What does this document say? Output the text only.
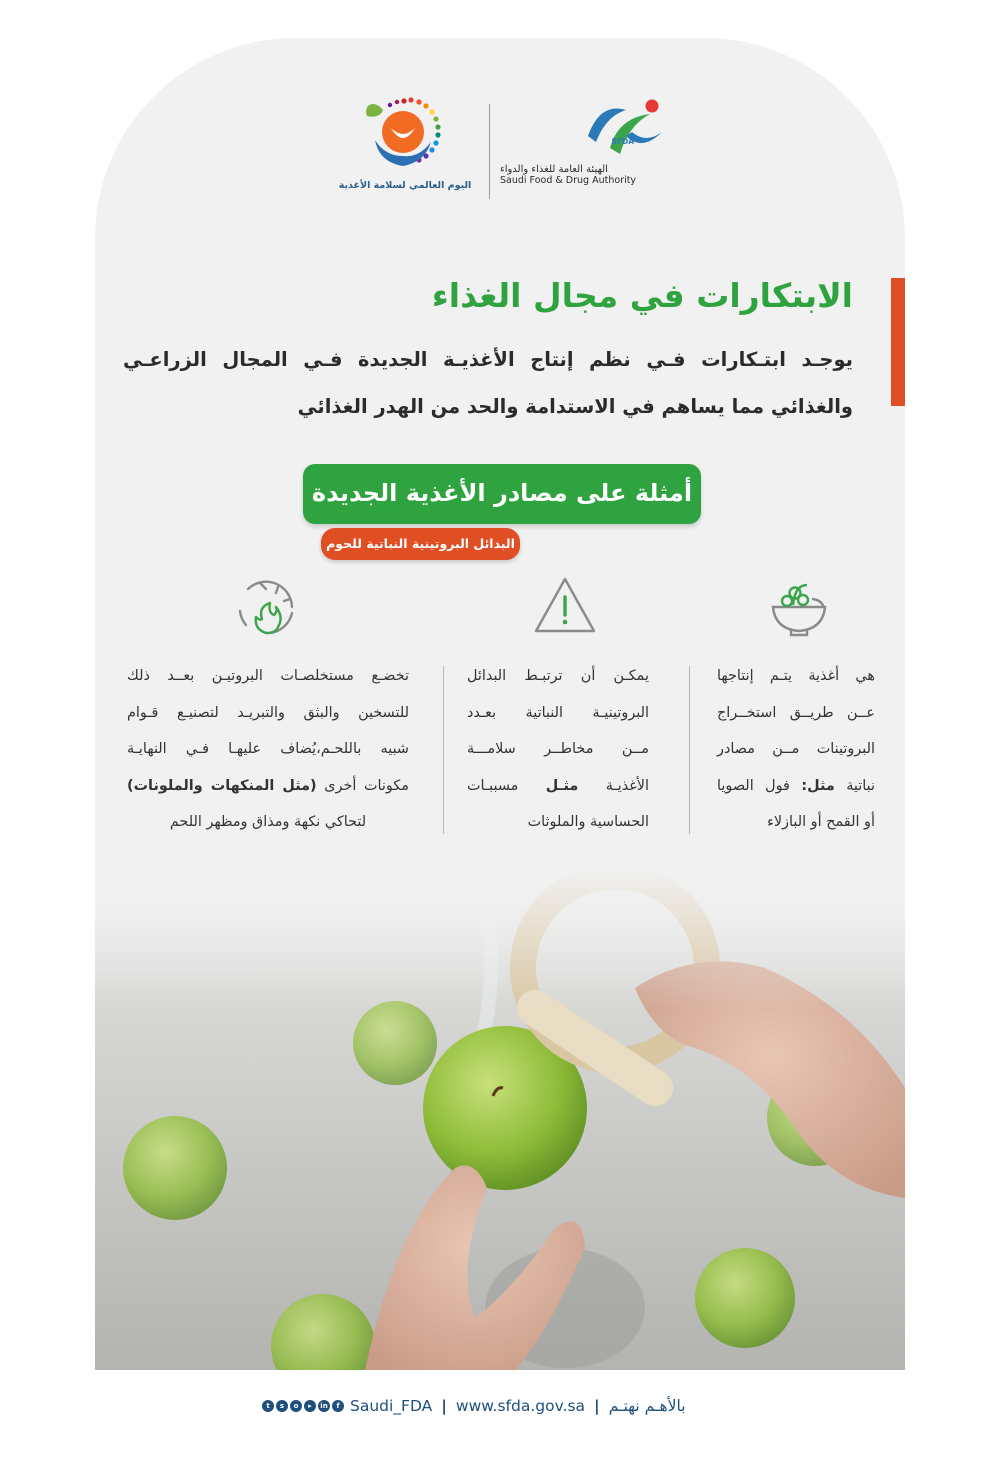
اليوم العالمي لسلامة الأغذية
SFDA
الهيئة العامة للغذاء والدواء
Saudi Food & Drug Authority
الابتكارات في مجال الغذاء

يوجـد ابتـكارات فـي نظم إنتاج الأغذيـة الجديدة فـي المجال الزراعـي والغذائي مما يساهم في الاستدامة والحد من الهدر الغذائي

أمثلة على مصادر الأغذية الجديدة
البدائل البروتينية النباتية للحوم
هي أغذية يتـم إنتاجها
عــن طريــق استخــراج
البروتينات مــن مصادر
نباتية مثل: فول الصويا
أو القمح أو البازلاء
يمكـن أن ترتبـط البدائل
البروتينيـة النباتية بعـدد
مــن مخاطــر سلامـــة
الأغذيـة مثـل مسببـات
الحساسية والملوثات
تخضـع مستخلصـات البروتيـن بعــد ذلك
للتسخين والبثق والتبريـد لتصنيـع قـوام
شبيه باللحـم،يُضاف عليهـا فـي النهايـة
مكونات أخرى (مثل المنكهات والملونات)
لتحاكي نكهة ومذاق ومظهر اللحم
t	s	o	▸	in	f Saudi_FDA | www.sfda.gov.sa | بالأهـم نهتـم
